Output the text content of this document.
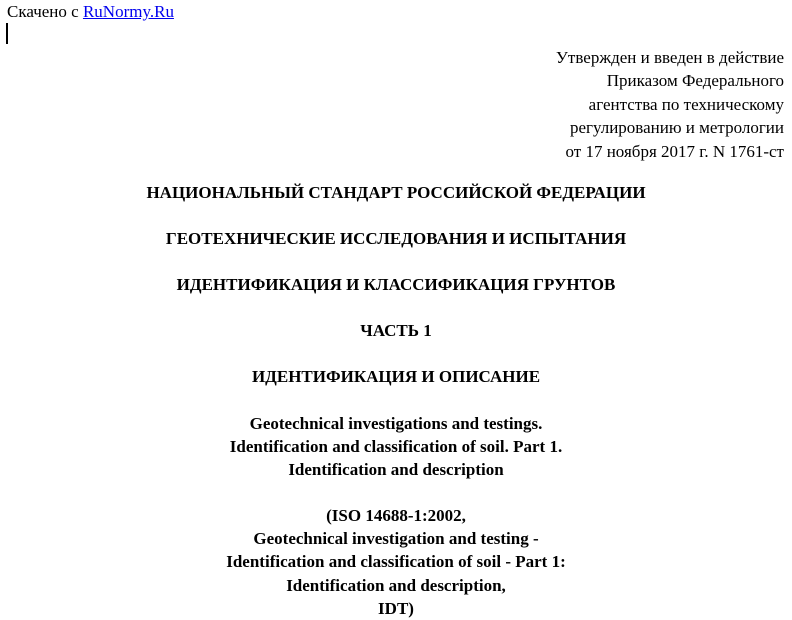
Скачено с RuNormy.Ru
Утвержден и введен в действие
Приказом Федерального
агентства по техническому
регулированию и метрологии
от 17 ноября 2017 г. N 1761-ст
НАЦИОНАЛЬНЫЙ СТАНДАРТ РОССИЙСКОЙ ФЕДЕРАЦИИ
ГЕОТЕХНИЧЕСКИЕ ИССЛЕДОВАНИЯ И ИСПЫТАНИЯ
ИДЕНТИФИКАЦИЯ И КЛАССИФИКАЦИЯ ГРУНТОВ
ЧАСТЬ 1
ИДЕНТИФИКАЦИЯ И ОПИСАНИЕ
Geotechnical investigations and testings.
Identification and classification of soil. Part 1.
Identification and description
(ISO 14688-1:2002,
Geotechnical investigation and testing -
Identification and classification of soil - Part 1:
Identification and description,
IDT)
